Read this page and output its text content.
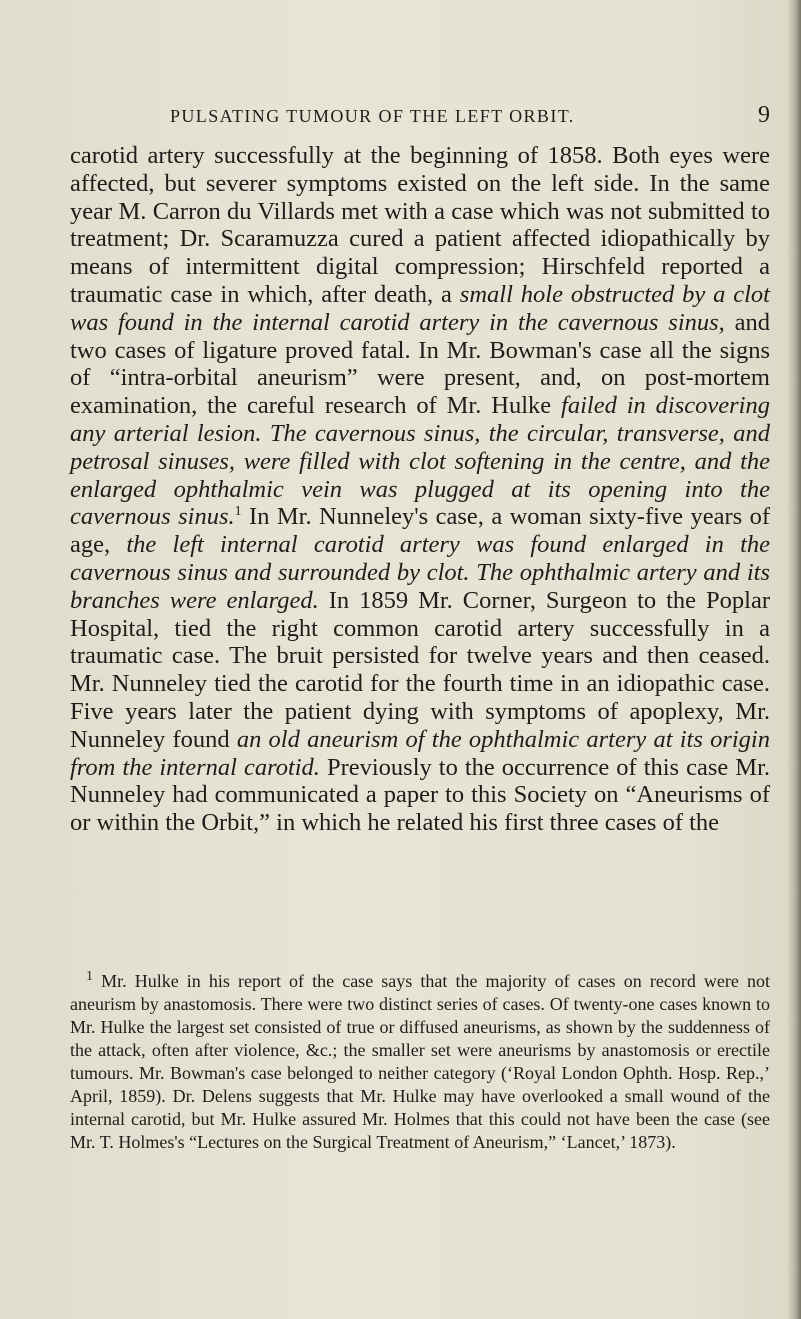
PULSATING TUMOUR OF THE LEFT ORBIT.	9

carotid artery successfully at the beginning of 1858. Both eyes were affected, but severer symptoms existed on the left side. In the same year M. Carron du Villards met with a case which was not submitted to treatment; Dr. Scaramuzza cured a patient affected idiopathically by means of intermittent digital compression; Hirschfeld reported a traumatic case in which, after death, a small hole obstructed by a clot was found in the internal carotid artery in the cavernous sinus, and two cases of ligature proved fatal. In Mr. Bowman's case all the signs of “intra-orbital aneurism” were present, and, on post-mortem examination, the careful research of Mr. Hulke failed in discovering any arterial lesion. The cavernous sinus, the circular, transverse, and petrosal sinuses, were filled with clot softening in the centre, and the enlarged ophthalmic vein was plugged at its opening into the cavernous sinus.$^1$ In Mr. Nunneley's case, a woman sixty-five years of age, the left internal carotid artery was found enlarged in the cavernous sinus and surrounded by clot. The ophthalmic artery and its branches were enlarged. In 1859 Mr. Corner, Surgeon to the Poplar Hospital, tied the right common carotid artery successfully in a traumatic case. The bruit persisted for twelve years and then ceased. Mr. Nunneley tied the carotid for the fourth time in an idiopathic case. Five years later the patient dying with symptoms of apoplexy, Mr. Nunneley found an old aneurism of the ophthalmic artery at its origin from the internal carotid. Previously to the occurrence of this case Mr. Nunneley had communicated a paper to this Society on “Aneurisms of or within the Orbit,” in which he related his first three cases of the

$^1$ Mr. Hulke in his report of the case says that the majority of cases on record were not aneurism by anastomosis. There were two distinct series of cases. Of twenty-one cases known to Mr. Hulke the largest set consisted of true or diffused aneurisms, as shown by the suddenness of the attack, often after violence, &c.; the smaller set were aneurisms by anastomosis or erectile tumours. Mr. Bowman's case belonged to neither category (‘Royal London Ophth. Hosp. Rep.,’ April, 1859). Dr. Delens suggests that Mr. Hulke may have overlooked a small wound of the internal carotid, but Mr. Hulke assured Mr. Holmes that this could not have been the case (see Mr. T. Holmes's “Lectures on the Surgical Treatment of Aneurism,” ‘Lancet,’ 1873).
